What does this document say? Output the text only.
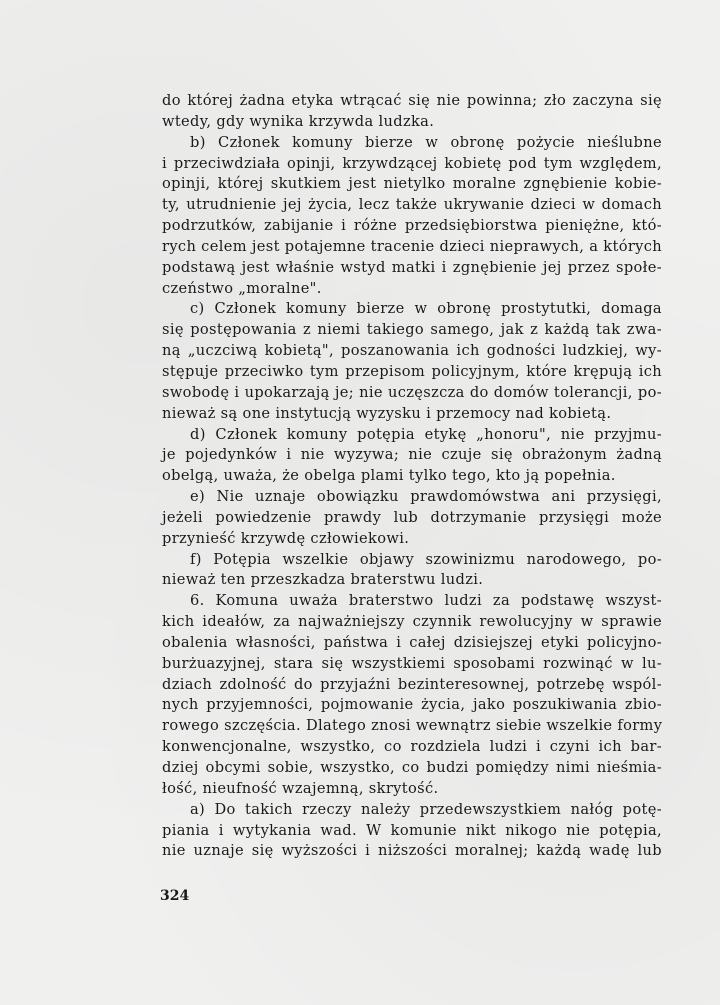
do której żadna etyka wtrącać się nie powinna; zło zaczyna się
wtedy, gdy wynika krzywda ludzka.
b) Członek komuny bierze w obronę pożycie nieślubne
i przeciwdziała opinji, krzywdzącej kobietę pod tym względem,
opinji, której skutkiem jest nietylko moralne zgnębienie kobie-
ty, utrudnienie jej życia, lecz także ukrywanie dzieci w domach
podrzutków, zabijanie i różne przedsiębiorstwa pieniężne, któ-
rych celem jest potajemne tracenie dzieci nieprawych, a których
podstawą jest właśnie wstyd matki i zgnębienie jej przez społe-
czeństwo „moralne".
c) Członek komuny bierze w obronę prostytutki, domaga
się postępowania z niemi takiego samego, jak z każdą tak zwa-
ną „uczciwą kobietą", poszanowania ich godności ludzkiej, wy-
stępuje przeciwko tym przepisom policyjnym, które krępują ich
swobodę i upokarzają je; nie uczęszcza do domów tolerancji, po-
nieważ są one instytucją wyzysku i przemocy nad kobietą.
d) Członek komuny potępia etykę „honoru", nie przyjmu-
je pojedynków i nie wyzywa; nie czuje się obrażonym żadną
obelgą, uważa, że obelga plami tylko tego, kto ją popełnia.
e) Nie uznaje obowiązku prawdomówstwa ani przysięgi,
jeżeli powiedzenie prawdy lub dotrzymanie przysięgi może
przynieść krzywdę człowiekowi.
f) Potępia wszelkie objawy szowinizmu narodowego, po-
nieważ ten przeszkadza braterstwu ludzi.
6. Komuna uważa braterstwo ludzi za podstawę wszyst-
kich ideałów, za najważniejszy czynnik rewolucyjny w sprawie
obalenia własności, państwa i całej dzisiejszej etyki policyjno-
burżuazyjnej, stara się wszystkiemi sposobami rozwinąć w lu-
dziach zdolność do przyjaźni bezinteresownej, potrzebę wspól-
nych przyjemności, pojmowanie życia, jako poszukiwania zbio-
rowego szczęścia. Dlatego znosi wewnątrz siebie wszelkie formy
konwencjonalne, wszystko, co rozdziela ludzi i czyni ich bar-
dziej obcymi sobie, wszystko, co budzi pomiędzy nimi nieśmia-
łość, nieufność wzajemną, skrytość.
a) Do takich rzeczy należy przedewszystkiem nałóg potę-
piania i wytykania wad. W komunie nikt nikogo nie potępia,
nie uznaje się wyższości i niższości moralnej; każdą wadę lub
324
